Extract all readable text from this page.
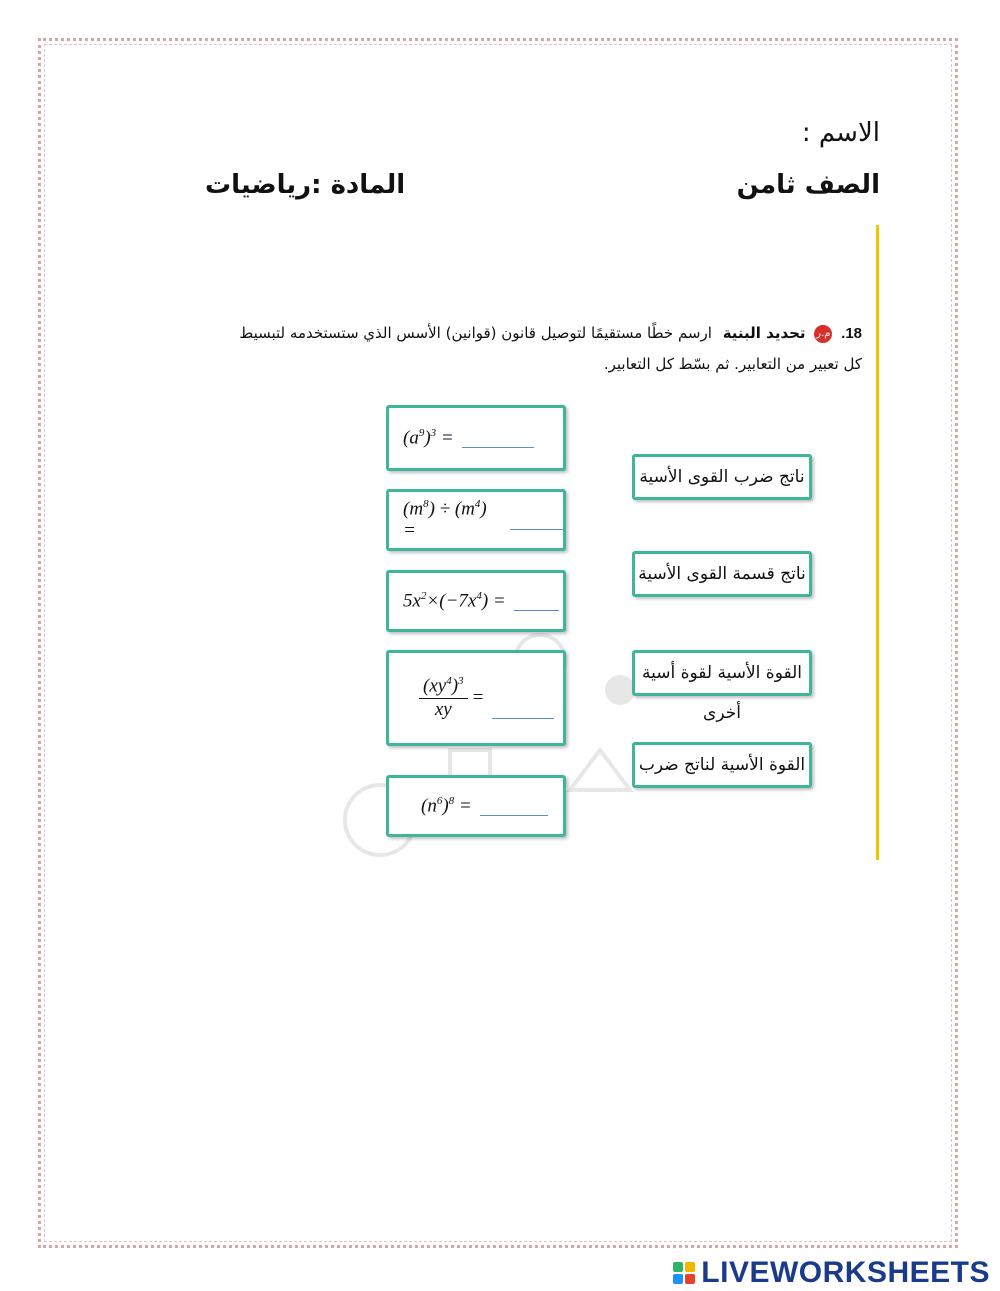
الاسم :
الصف ثامن
المادة :رياضيات
18. م.ر تحديد البنية ارسم خطًا مستقيمًا لتوصيل قانون (قوانين) الأسس الذي ستستخدمه لتبسيط كل تعبير من التعابير. ثم بسّط كل التعابير.
$(a^9)^3$ =
$(m^8) \div (m^4)$ =
$5x^2\times(-7x^4)$ =
$\frac{(xy^4)^3}{xy}$ =
$(n^6)^8$ =
ناتج ضرب القوى الأسية
ناتج قسمة القوى الأسية
القوة الأسية لقوة أسية أخرى
القوة الأسية لناتج ضرب
LIVEWORKSHEETS
